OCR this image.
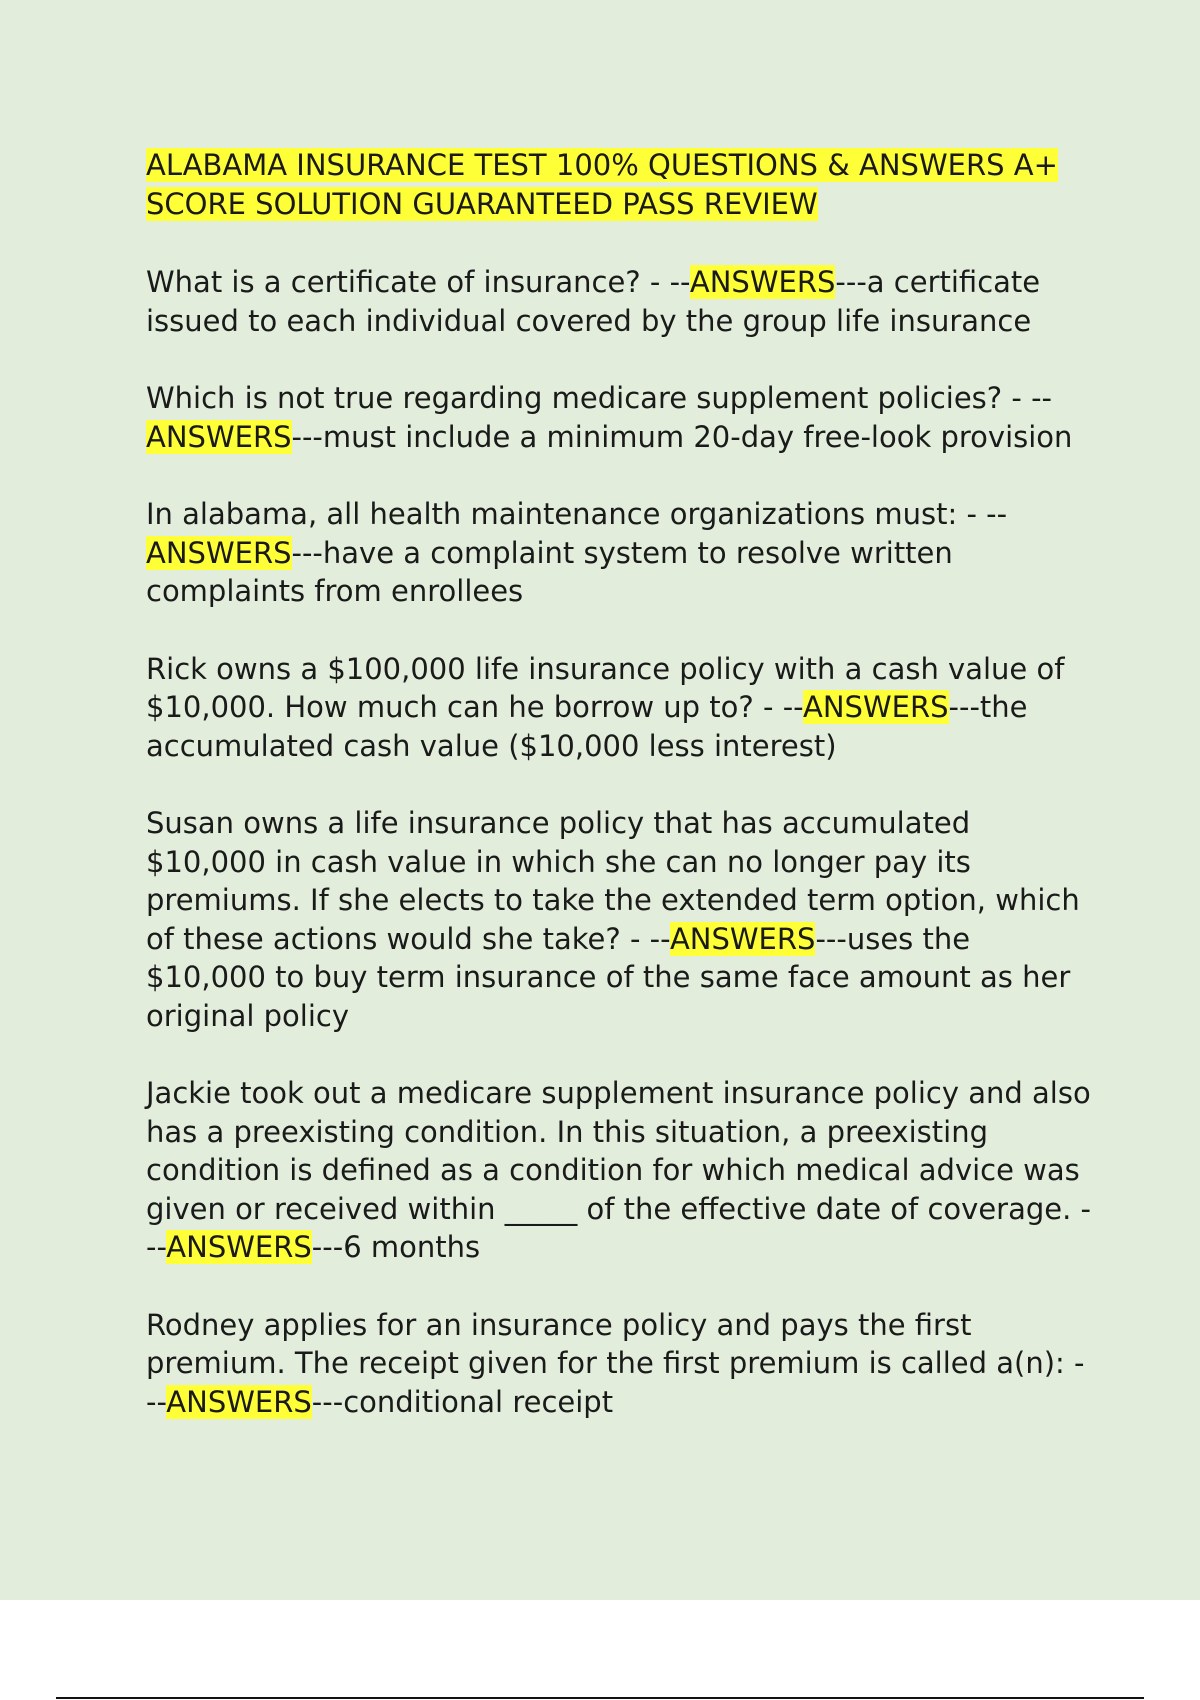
ALABAMA INSURANCE TEST 100% QUESTIONS & ANSWERS A+ SCORE SOLUTION GUARANTEED PASS REVIEW
What is a certificate of insurance? - --ANSWERS---a certificate issued to each individual covered by the group life insurance
Which is not true regarding medicare supplement policies? - --ANSWERS---must include a minimum 20-day free-look provision
In alabama, all health maintenance organizations must: - --ANSWERS---have a complaint system to resolve written complaints from enrollees
Rick owns a $100,000 life insurance policy with a cash value of $10,000. How much can he borrow up to? - --ANSWERS---the accumulated cash value ($10,000 less interest)
Susan owns a life insurance policy that has accumulated $10,000 in cash value in which she can no longer pay its premiums. If she elects to take the extended term option, which of these actions would she take? - --ANSWERS---uses the $10,000 to buy term insurance of the same face amount as her original policy
Jackie took out a medicare supplement insurance policy and also has a preexisting condition. In this situation, a preexisting condition is defined as a condition for which medical advice was given or received within _____ of the effective date of coverage. - --ANSWERS---6 months
Rodney applies for an insurance policy and pays the first premium. The receipt given for the first premium is called a(n): - --ANSWERS---conditional receipt
